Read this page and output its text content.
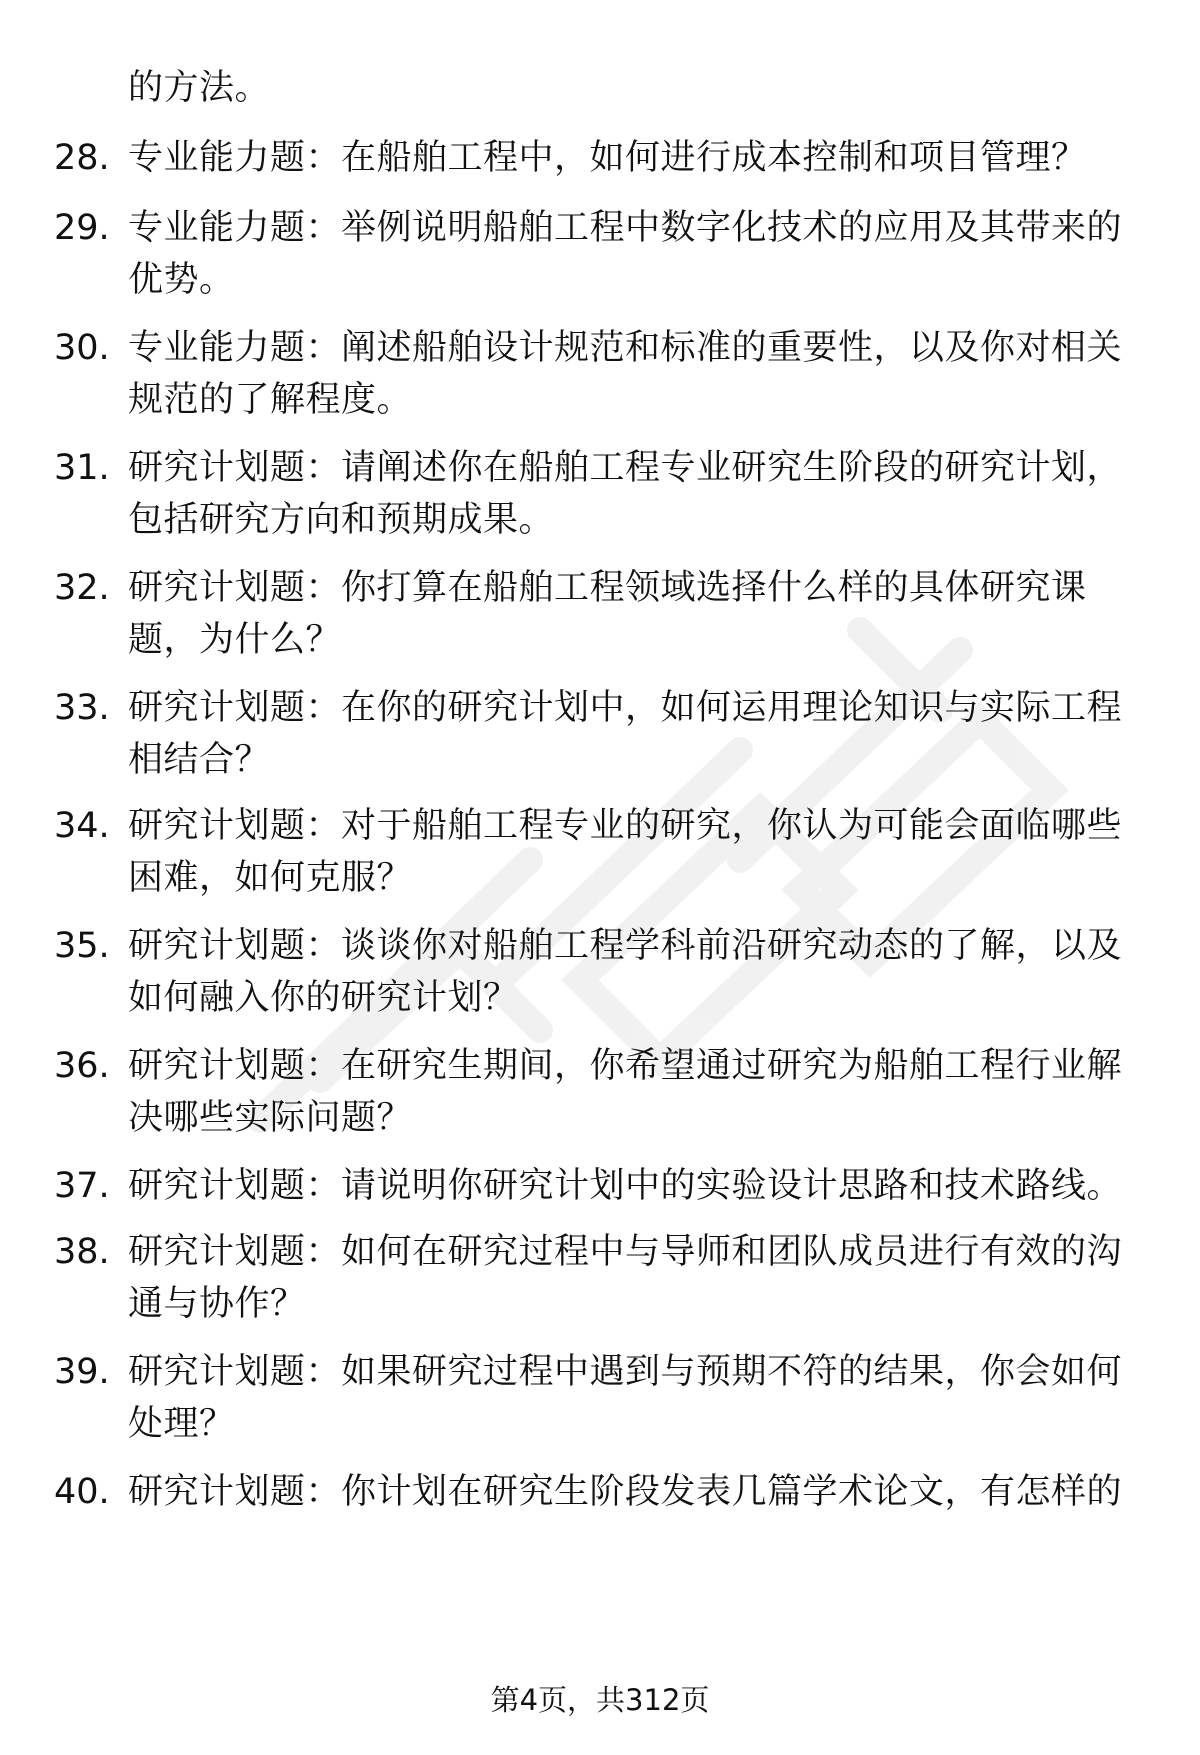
的方法。
28. 专业能力题：在船舶工程中，如何进行成本控制和项目管理？
29. 专业能力题：举例说明船舶工程中数字化技术的应用及其带来的
优势。
30. 专业能力题：阐述船舶设计规范和标准的重要性，以及你对相关
规范的了解程度。
31. 研究计划题：请阐述你在船舶工程专业研究生阶段的研究计划，
包括研究方向和预期成果。
32. 研究计划题：你打算在船舶工程领域选择什么样的具体研究课
题，为什么？
33. 研究计划题：在你的研究计划中，如何运用理论知识与实际工程
相结合？
34. 研究计划题：对于船舶工程专业的研究，你认为可能会面临哪些
困难，如何克服？
35. 研究计划题：谈谈你对船舶工程学科前沿研究动态的了解，以及
如何融入你的研究计划？
36. 研究计划题：在研究生期间，你希望通过研究为船舶工程行业解
决哪些实际问题？
37. 研究计划题：请说明你研究计划中的实验设计思路和技术路线。
38. 研究计划题：如何在研究过程中与导师和团队成员进行有效的沟
通与协作？
39. 研究计划题：如果研究过程中遇到与预期不符的结果，你会如何
处理？
40. 研究计划题：你计划在研究生阶段发表几篇学术论文，有怎样的
第4页，共312页
